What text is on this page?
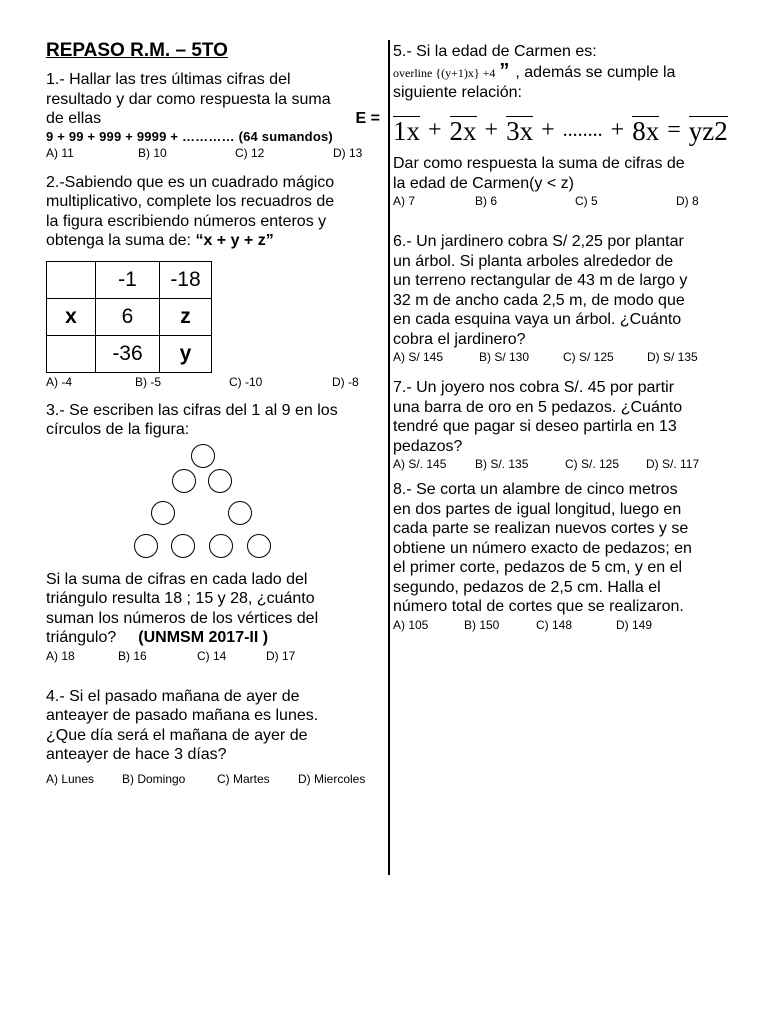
REPASO R.M. – 5TO
1.- Hallar las tres últimas cifras del
resultado y dar como respuesta la suma
de ellas	E =
9 + 99 + 999 + 9999 + ………… (64 sumandos)
A) 11	B) 10	C) 12	D) 13
2.-Sabiendo que es un cuadrado mágico
multiplicativo, complete los recuadros de
la figura escribiendo números enteros y
obtenga la suma de: “x + y + z”
	-1	-18
x	6	z
	-36	y
A) -4	B) -5	C) -10	D) -8
3.- Se escriben las cifras del 1 al 9 en los
círculos de la figura:
Si la suma de cifras en cada lado del
triángulo resulta 18 ; 15 y 28, ¿cuánto
suman los números de los vértices del
triángulo? (UNMSM 2017-II )
A) 18	B) 16	C) 14	D) 17
4.- Si el pasado mañana de ayer de
anteayer de pasado mañana es lunes.
¿Que día será el mañana de ayer de
anteayer de hace 3 días?
A) Lunes	B) Domingo	C) Martes	D) Miercoles
5.- Si la edad de Carmen es:
overline {(y+1)x} +4 ” , además se cumple la
siguiente relación:
1x + 2x + 3x + ........ + 8x = yz2
Dar como respuesta la suma de cifras de
la edad de Carmen(y < z)
A) 7	B) 6	C) 5	D) 8
6.- Un jardinero cobra S/ 2,25 por plantar
un árbol. Si planta arboles alrededor de
un terreno rectangular de 43 m de largo y
32 m de ancho cada 2,5 m, de modo que
en cada esquina vaya un árbol. ¿Cuánto
cobra el jardinero?
A) S/ 145	B) S/ 130	C) S/ 125	D) S/ 135
7.- Un joyero nos cobra S/. 45 por partir
una barra de oro en 5 pedazos. ¿Cuánto
tendré que pagar si deseo partirla en 13
pedazos?
A) S/. 145	B) S/. 135	C) S/. 125	D) S/. 117
8.- Se corta un alambre de cinco metros
en dos partes de igual longitud, luego en
cada parte se realizan nuevos cortes y se
obtiene un número exacto de pedazos; en
el primer corte, pedazos de 5 cm, y en el
segundo, pedazos de 2,5 cm. Halla el
número total de cortes que se realizaron.
A) 105	B) 150	C) 148	D) 149
